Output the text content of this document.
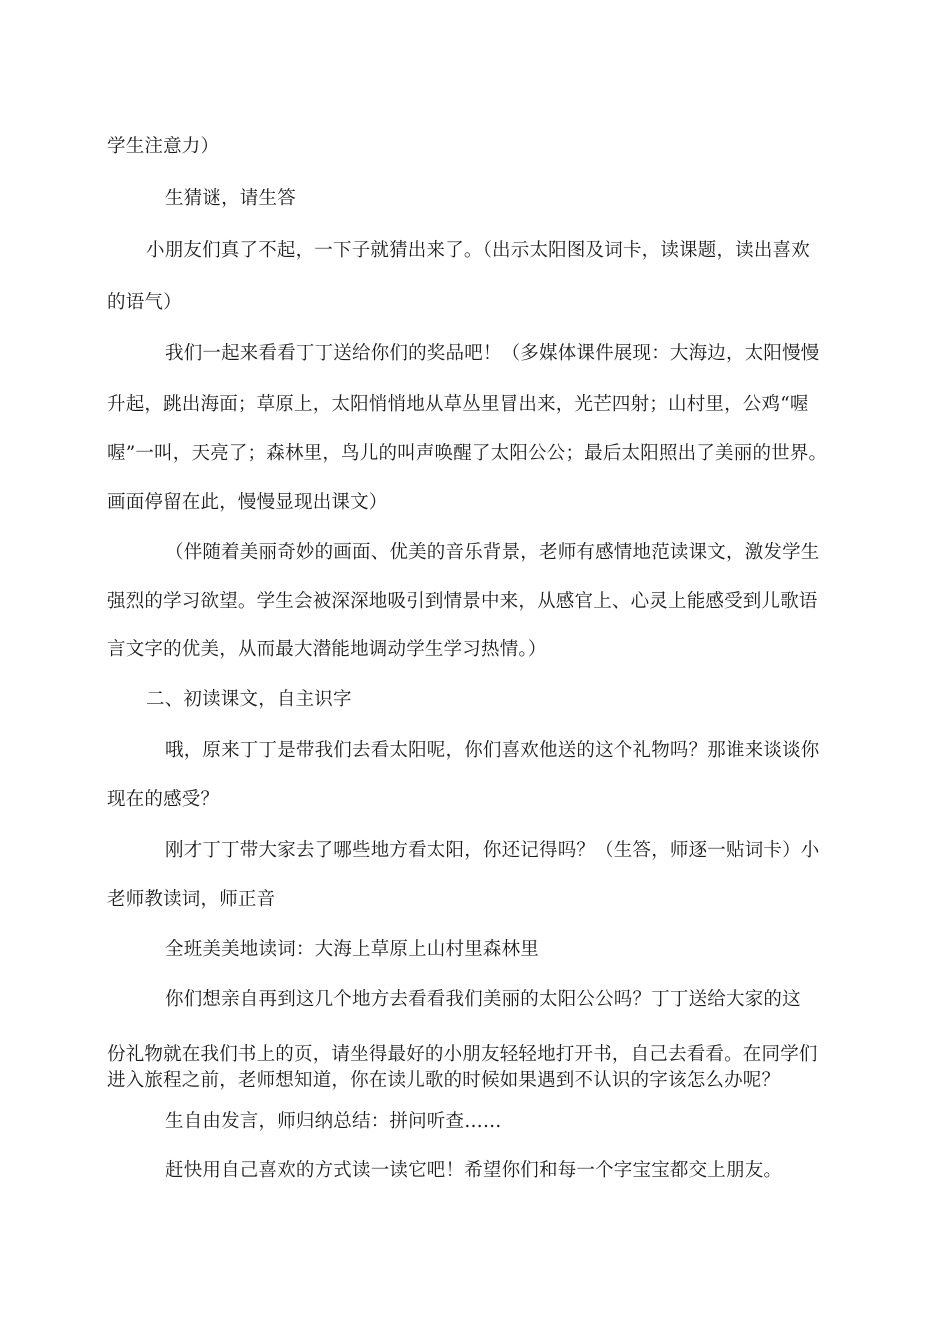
学生注意力）
生猜谜，请生答
小朋友们真了不起，一下子就猜出来了。（出示太阳图及词卡，读课题，读出喜欢
的语气）
我们一起来看看丁丁送给你们的奖品吧！（多媒体课件展现：大海边，太阳慢慢
升起，跳出海面；草原上，太阳悄悄地从草丛里冒出来，光芒四射；山村里，公鸡“喔
喔”一叫，天亮了；森林里，鸟儿的叫声唤醒了太阳公公；最后太阳照出了美丽的世界。
画面停留在此，慢慢显现出课文）
（伴随着美丽奇妙的画面、优美的音乐背景，老师有感情地范读课文，激发学生
强烈的学习欲望。学生会被深深地吸引到情景中来，从感官上、心灵上能感受到儿歌语
言文字的优美，从而最大潜能地调动学生学习热情。）
二、初读课文，自主识字
哦，原来丁丁是带我们去看太阳呢，你们喜欢他送的这个礼物吗？那谁来谈谈你
现在的感受？
刚才丁丁带大家去了哪些地方看太阳，你还记得吗？（生答，师逐一贴词卡）小
老师教读词，师正音
全班美美地读词：大海上草原上山村里森林里
你们想亲自再到这几个地方去看看我们美丽的太阳公公吗？丁丁送给大家的这
份礼物就在我们书上的页，请坐得最好的小朋友轻轻地打开书，自己去看看。在同学们
进入旅程之前，老师想知道，你在读儿歌的时候如果遇到不认识的字该怎么办呢？
生自由发言，师归纳总结：拼问听查……
赶快用自己喜欢的方式读一读它吧！希望你们和每一个字宝宝都交上朋友。
